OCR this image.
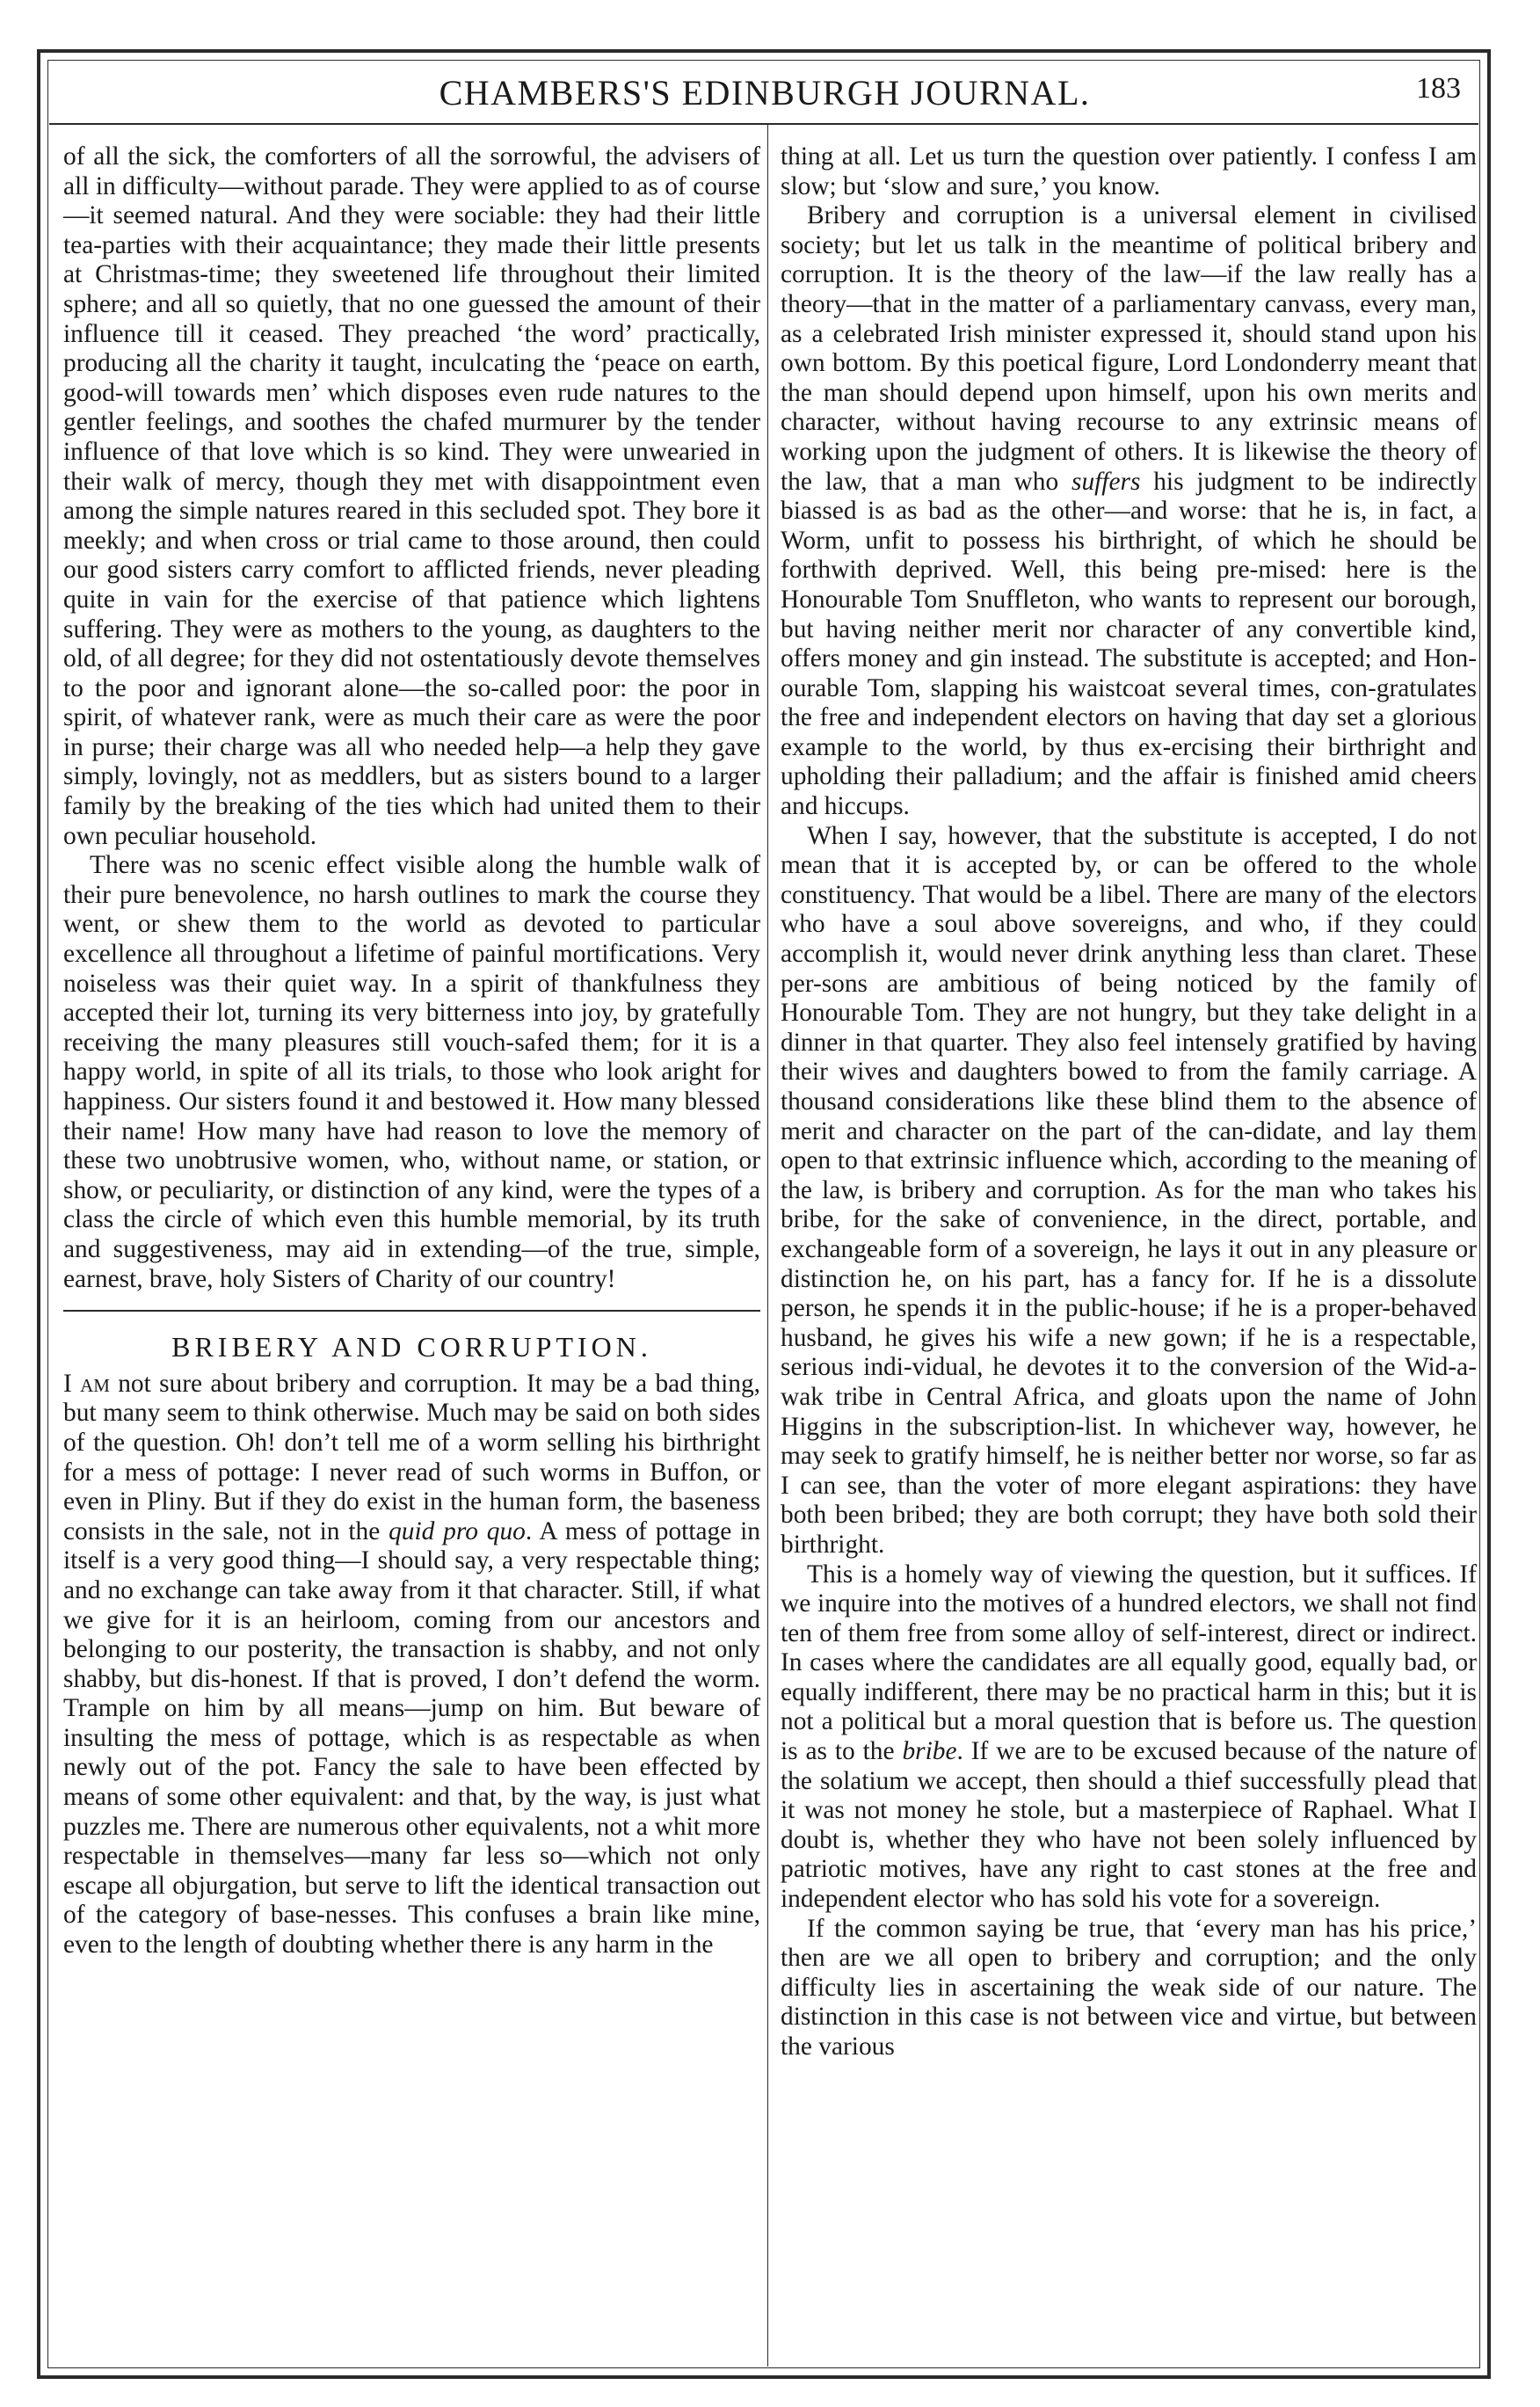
CHAMBERS'S EDINBURGH JOURNAL.	183

of all the sick, the comforters of all the sorrowful, the advisers of all in difficulty—without parade. They were applied to as of course—it seemed natural. And they were sociable: they had their little tea-parties with their acquaintance; they made their little presents at Christmas-time; they sweetened life throughout their limited sphere; and all so quietly, that no one guessed the amount of their influence till it ceased. They preached ‘the word’ practically, producing all the charity it taught, inculcating the ‘peace on earth, good-will towards men’ which disposes even rude natures to the gentler feelings, and soothes the chafed murmurer by the tender influence of that love which is so kind. They were unwearied in their walk of mercy, though they met with disappointment even among the simple natures reared in this secluded spot. They bore it meekly; and when cross or trial came to those around, then could our good sisters carry comfort to afflicted friends, never pleading quite in vain for the exercise of that patience which lightens suffering. They were as mothers to the young, as daughters to the old, of all degree; for they did not ostentatiously devote themselves to the poor and ignorant alone—the so-called poor: the poor in spirit, of whatever rank, were as much their care as were the poor in purse; their charge was all who needed help—a help they gave simply, lovingly, not as meddlers, but as sisters bound to a larger family by the breaking of the ties which had united them to their own peculiar household.

There was no scenic effect visible along the humble walk of their pure benevolence, no harsh outlines to mark the course they went, or shew them to the world as devoted to particular excellence all throughout a lifetime of painful mortifications. Very noiseless was their quiet way. In a spirit of thankfulness they accepted their lot, turning its very bitterness into joy, by gratefully receiving the many pleasures still vouch-safed them; for it is a happy world, in spite of all its trials, to those who look aright for happiness. Our sisters found it and bestowed it. How many blessed their name! How many have had reason to love the memory of these two unobtrusive women, who, without name, or station, or show, or peculiarity, or distinction of any kind, were the types of a class the circle of which even this humble memorial, by its truth and suggestiveness, may aid in extending—of the true, simple, earnest, brave, holy Sisters of Charity of our country!

BRIBERY AND CORRUPTION.

I am not sure about bribery and corruption. It may be a bad thing, but many seem to think otherwise. Much may be said on both sides of the question. Oh! don’t tell me of a worm selling his birthright for a mess of pottage: I never read of such worms in Buffon, or even in Pliny. But if they do exist in the human form, the baseness consists in the sale, not in the quid pro quo. A mess of pottage in itself is a very good thing—I should say, a very respectable thing; and no exchange can take away from it that character. Still, if what we give for it is an heirloom, coming from our ancestors and belonging to our posterity, the transaction is shabby, and not only shabby, but dis-honest. If that is proved, I don’t defend the worm. Trample on him by all means—jump on him. But beware of insulting the mess of pottage, which is as respectable as when newly out of the pot. Fancy the sale to have been effected by means of some other equivalent: and that, by the way, is just what puzzles me. There are numerous other equivalents, not a whit more respectable in themselves—many far less so—which not only escape all objurgation, but serve to lift the identical transaction out of the category of base-nesses. This confuses a brain like mine, even to the length of doubting whether there is any harm in the

thing at all. Let us turn the question over patiently. I confess I am slow; but ‘slow and sure,’ you know.

Bribery and corruption is a universal element in civilised society; but let us talk in the meantime of political bribery and corruption. It is the theory of the law—if the law really has a theory—that in the matter of a parliamentary canvass, every man, as a celebrated Irish minister expressed it, should stand upon his own bottom. By this poetical figure, Lord Londonderry meant that the man should depend upon himself, upon his own merits and character, without having recourse to any extrinsic means of working upon the judgment of others. It is likewise the theory of the law, that a man who suffers his judgment to be indirectly biassed is as bad as the other—and worse: that he is, in fact, a Worm, unfit to possess his birthright, of which he should be forthwith deprived. Well, this being pre-mised: here is the Honourable Tom Snuffleton, who wants to represent our borough, but having neither merit nor character of any convertible kind, offers money and gin instead. The substitute is accepted; and Hon-ourable Tom, slapping his waistcoat several times, con-gratulates the free and independent electors on having that day set a glorious example to the world, by thus ex-ercising their birthright and upholding their palladium; and the affair is finished amid cheers and hiccups.

When I say, however, that the substitute is accepted, I do not mean that it is accepted by, or can be offered to the whole constituency. That would be a libel. There are many of the electors who have a soul above sovereigns, and who, if they could accomplish it, would never drink anything less than claret. These per-sons are ambitious of being noticed by the family of Honourable Tom. They are not hungry, but they take delight in a dinner in that quarter. They also feel intensely gratified by having their wives and daughters bowed to from the family carriage. A thousand considerations like these blind them to the absence of merit and character on the part of the can-didate, and lay them open to that extrinsic influence which, according to the meaning of the law, is bribery and corruption. As for the man who takes his bribe, for the sake of convenience, in the direct, portable, and exchangeable form of a sovereign, he lays it out in any pleasure or distinction he, on his part, has a fancy for. If he is a dissolute person, he spends it in the public-house; if he is a proper-behaved husband, he gives his wife a new gown; if he is a respectable, serious indi-vidual, he devotes it to the conversion of the Wid-a-wak tribe in Central Africa, and gloats upon the name of John Higgins in the subscription-list. In whichever way, however, he may seek to gratify himself, he is neither better nor worse, so far as I can see, than the voter of more elegant aspirations: they have both been bribed; they are both corrupt; they have both sold their birthright.

This is a homely way of viewing the question, but it suffices. If we inquire into the motives of a hundred electors, we shall not find ten of them free from some alloy of self-interest, direct or indirect. In cases where the candidates are all equally good, equally bad, or equally indifferent, there may be no practical harm in this; but it is not a political but a moral question that is before us. The question is as to the bribe. If we are to be excused because of the nature of the solatium we accept, then should a thief successfully plead that it was not money he stole, but a masterpiece of Raphael. What I doubt is, whether they who have not been solely influenced by patriotic motives, have any right to cast stones at the free and independent elector who has sold his vote for a sovereign.

If the common saying be true, that ‘every man has his price,’ then are we all open to bribery and corruption; and the only difficulty lies in ascertaining the weak side of our nature. The distinction in this case is not between vice and virtue, but between the various
